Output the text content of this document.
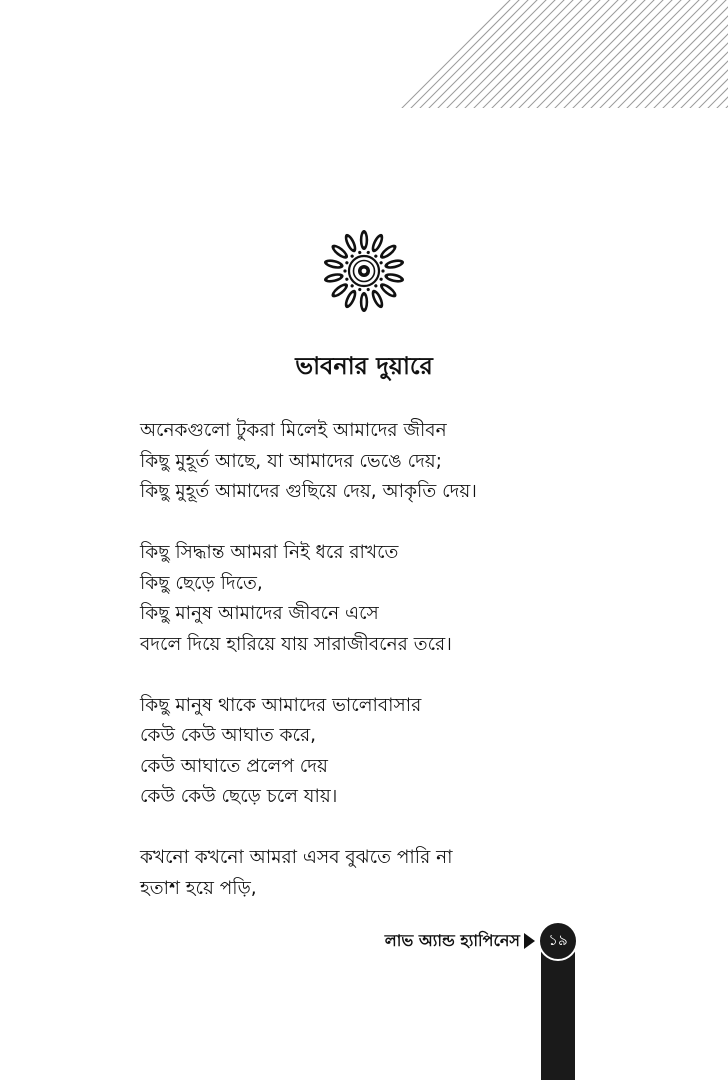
ভাবনার দুয়ারে
অনেকগুলো টুকরা মিলেই আমাদের জীবন
কিছু মুহূর্ত আছে, যা আমাদের ভেঙে দেয়;
কিছু মুহূর্ত আমাদের গুছিয়ে দেয়, আকৃতি দেয়।
কিছু সিদ্ধান্ত আমরা নিই ধরে রাখতে
কিছু ছেড়ে দিতে,
কিছু মানুষ আমাদের জীবনে এসে
বদলে দিয়ে হারিয়ে যায় সারাজীবনের তরে।
কিছু মানুষ থাকে আমাদের ভালোবাসার
কেউ কেউ আঘাত করে,
কেউ আঘাতে প্রলেপ দেয়
কেউ কেউ ছেড়ে চলে যায়।
কখনো কখনো আমরা এসব বুঝতে পারি না
হতাশ হয়ে পড়ি,
লাভ অ্যান্ড হ্যাপিনেস ১৯
